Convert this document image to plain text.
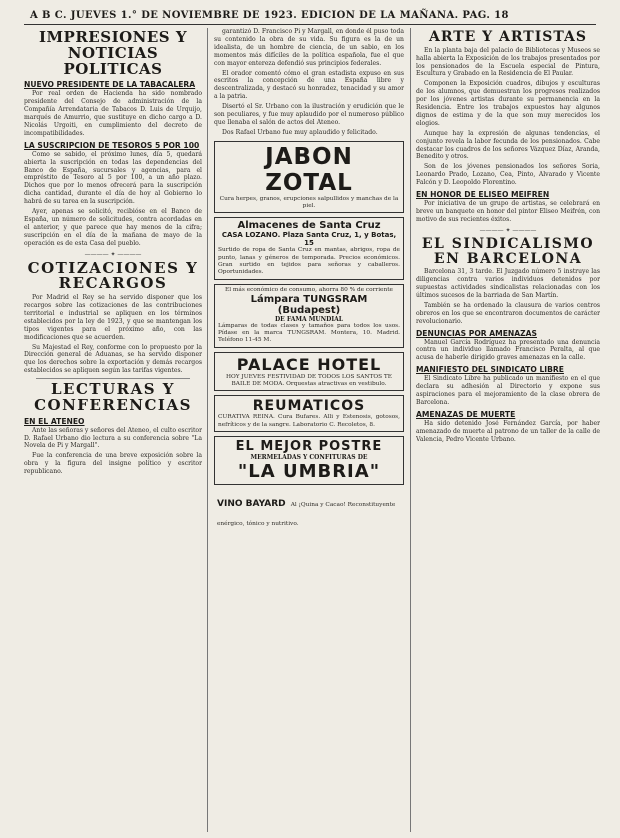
A B C. JUEVES 1.° DE NOVIEMBRE DE 1923. EDICION DE LA MAÑANA. PAG. 18
IMPRESIONES Y NOTICIAS POLITICAS
NUEVO PRESIDENTE DE LA TABACALERA

Por real orden de Hacienda ha sido nombrado presidente del Consejo de administración de la Compañía Arrendataria de Tabacos D. Luis de Urquijo, marqués de Amurrio, que sustituye en dicho cargo a D. Nicolás Urgoiti, en cumplimiento del decreto de incompatibilidades.

LA SUSCRIPCION DE TESOROS 5 POR 100

Como se sabido, el próximo lunes, día 5, quedará abierta la suscripción en todas las dependencias del Banco de España, sucursales y agencias, para el empréstito de Tesoro al 5 por 100, a un año plazo. Dichos que por lo menos ofrecerá para la suscripción dicha cantidad, durante el día de hoy al Gobierno lo habrá de su tarea en la suscripción.

Ayer, apenas se solicitó, recibióse en el Banco de España, un número de solicitudes, contra acordadas en el anterior, y que parece que hay menos de la cifra; suscripción en el día de la mañana de mayo de la operación es de esta Casa del pueblo.

———— ✦ ————
COTIZACIONES Y RECARGOS

Por Madrid el Rey se ha servido disponer que los recargos sobre las cotizaciones de las contribuciones territorial e industrial se apliquen en los términos establecidos por la ley de 1923, y que se mantengan los tipos vigentes para el próximo año, con las modificaciones que se acuerden.

Su Majestad el Rey, conforme con lo propuesto por la Dirección general de Aduanas, se ha servido disponer que los derechos sobre la exportación y demás recargos establecidos se apliquen según las tarifas vigentes.

LECTURAS Y CONFERENCIAS
EN EL ATENEO

Ante las señoras y señores del Ateneo, el culto escritor D. Rafael Urbano dio lectura a su conferencia sobre "La Novela de Pi y Margall".

Fue la conferencia de una breve exposición sobre la obra y la figura del insigne político y escritor republicano.

garantizó D. Francisco Pi y Margall, en donde él puso toda su contenido la obra de su vida. Su figura es la de un idealista, de un hombre de ciencia, de un sabio, en los momentos más difíciles de la política española, fue el que con mayor entereza defendió sus principios federales.

El orador comentó cómo el gran estadista expuso en sus escritos la concepción de una España libre y descentralizada, y destacó su honradez, tenacidad y su amor a la patria.

Disertó el Sr. Urbano con la ilustración y erudición que le son peculiares, y fue muy aplaudido por el numeroso público que llenaba el salón de actos del Ateneo.

Dos Rafael Urbano fue muy aplaudido y felicitado.

JABON ZOTAL

Cura herpes, granos, erupciones salpullidos y manchas de la piel.

Almacenes de Santa Cruz
CASA LOZANO. Plaza Santa Cruz, 1, y Botas, 15

Surtido de ropa de Santa Cruz en mantas, abrigos, ropa de punto, lanas y géneros de temporada. Precios económicos. Gran surtido en tejidos para señoras y caballeros. Oportunidades.

El más económico de consumo, ahorra 80 % de corriente

Lámpara TUNGSRAM (Budapest)
DE FAMA MUNDIAL

Lámparas de todas clases y tamaños para todos los usos. Pídase en la marca TUNGSRAM. Montera, 10. Madrid. Teléfono 11-45 M.

PALACE HOTEL

HOY JUEVES FESTIVIDAD DE TODOS LOS SANTOS TE BAILE DE MODA. Orquestas atractivas en vestibulo.

REUMATICOS

CURATIVA REINA. Cura Bufares. Alli y Estenosis, gotosos, nefríticos y de la sangre. Laboratorio C. Recoletos, 8.

EL MEJOR POSTRE
MERMELADAS Y CONFITURAS DE
"LA UMBRIA"
VINO BAYARD Al ¡Quina y Cacao! Reconstituyente enérgico, tónico y nutritivo.
ARTE Y ARTISTAS

En la planta baja del palacio de Bibliotecas y Museos se halla abierta la Exposición de los trabajos presentados por los pensionados de la Escuela especial de Pintura, Escultura y Grabado en la Residencia de El Paular.

Componen la Exposición cuadros, dibujos y esculturas de los alumnos, que demuestran los progresos realizados por los jóvenes artistas durante su permanencia en la Residencia. Entre los trabajos expuestos hay algunos dignos de estima y de la que son muy merecidos los elogios.

Aunque hay la expresión de algunas tendencias, el conjunto revela la labor fecunda de los pensionados. Cabe destacar los cuadros de los señores Vázquez Díaz, Aranda, Benedito y otros.

Son de los jóvenes pensionados los señores Soria, Leonardo Prado, Lozano, Cea, Pinto, Alvarado y Vicente Falcón y D. Leopoldo Florentino.

EN HONOR DE ELISEO MEIFREN

Por iniciativa de un grupo de artistas, se celebrará en breve un banquete en honor del pintor Eliseo Meifrén, con motivo de sus recientes éxitos.

———— ✦ ————
EL SINDICALISMO EN BARCELONA

Barcelona 31, 3 tarde. El Juzgado número 5 instruye las diligencias contra varios individuos detenidos por supuestas actividades sindicalistas relacionadas con los últimos sucesos de la barriada de San Martín.

También se ha ordenado la clausura de varios centros obreros en los que se encontraron documentos de carácter revolucionario.

DENUNCIAS POR AMENAZAS

Manuel García Rodríguez ha presentado una denuncia contra un individuo llamado Francisco Peralta, al que acusa de haberle dirigido graves amenazas en la calle.

MANIFIESTO DEL SINDICATO LIBRE

El Sindicato Libre ha publicado un manifiesto en el que declara su adhesión al Directorio y expone sus aspiraciones para el mejoramiento de la clase obrera de Barcelona.

AMENAZAS DE MUERTE

Ha sido detenido José Fernández García, por haber amenazado de muerte al patrono de un taller de la calle de Valencia, Pedro Vicente Urbano.
